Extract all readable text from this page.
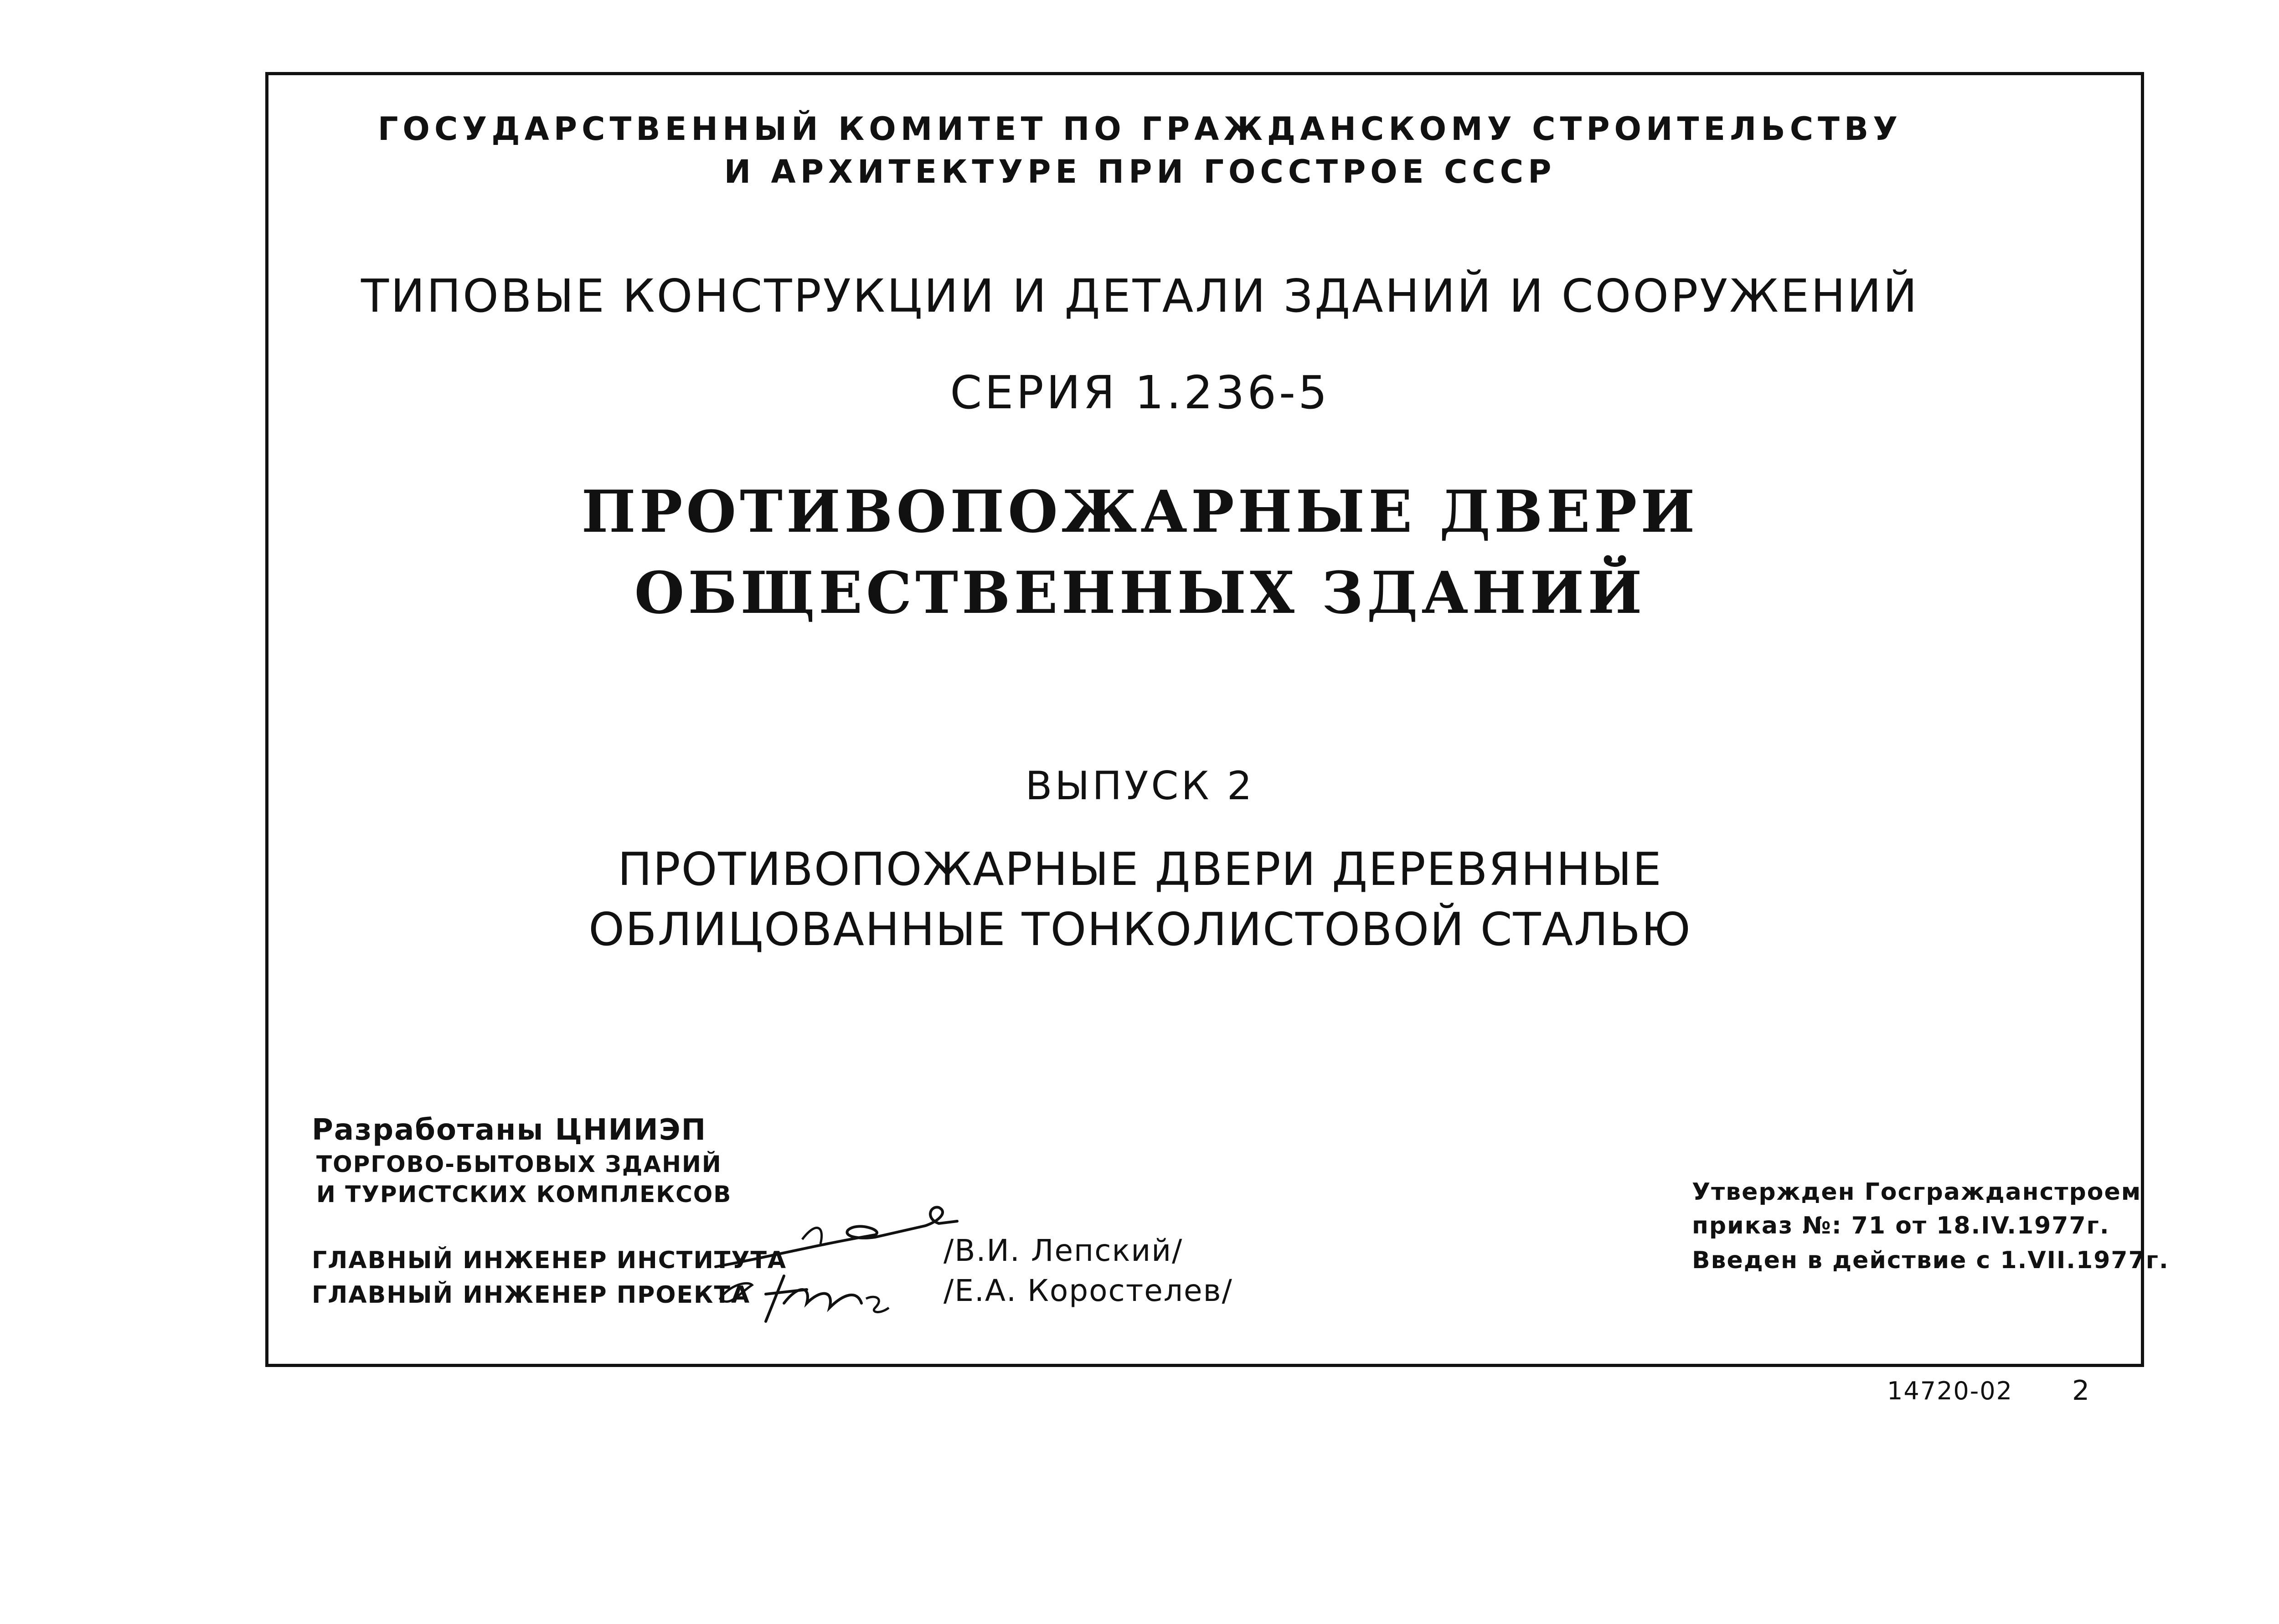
ГОСУДАРСТВЕННЫЙ КОМИТЕТ ПО ГРАЖДАНСКОМУ СТРОИТЕЛЬСТВУ
И АРХИТЕКТУРЕ ПРИ ГОССТРОЕ СССР
ТИПОВЫЕ КОНСТРУКЦИИ И ДЕТАЛИ ЗДАНИЙ И СООРУЖЕНИЙ
СЕРИЯ 1.236-5
ПРОТИВОПОЖАРНЫЕ ДВЕРИ
ОБЩЕСТВЕННЫХ ЗДАНИЙ
ВЫПУСК 2
ПРОТИВОПОЖАРНЫЕ ДВЕРИ ДЕРЕВЯННЫЕ
ОБЛИЦОВАННЫЕ ТОНКОЛИСТОВОЙ СТАЛЬЮ
Разработаны ЦНИИЭП
ТОРГОВО-БЫТОВЫХ ЗДАНИЙ
И ТУРИСТСКИХ КОМПЛЕКСОВ
ГЛАВНЫЙ ИНЖЕНЕР ИНСТИТУТА
ГЛАВНЫЙ ИНЖЕНЕР ПРОЕКТА
/В.И. Лепский/
/Е.А. Коростелев/
Утвержден Госгражданстроем
приказ №: 71 от 18.IV.1977г.
Введен в действие с 1.VII.1977г.
14720-02 2
